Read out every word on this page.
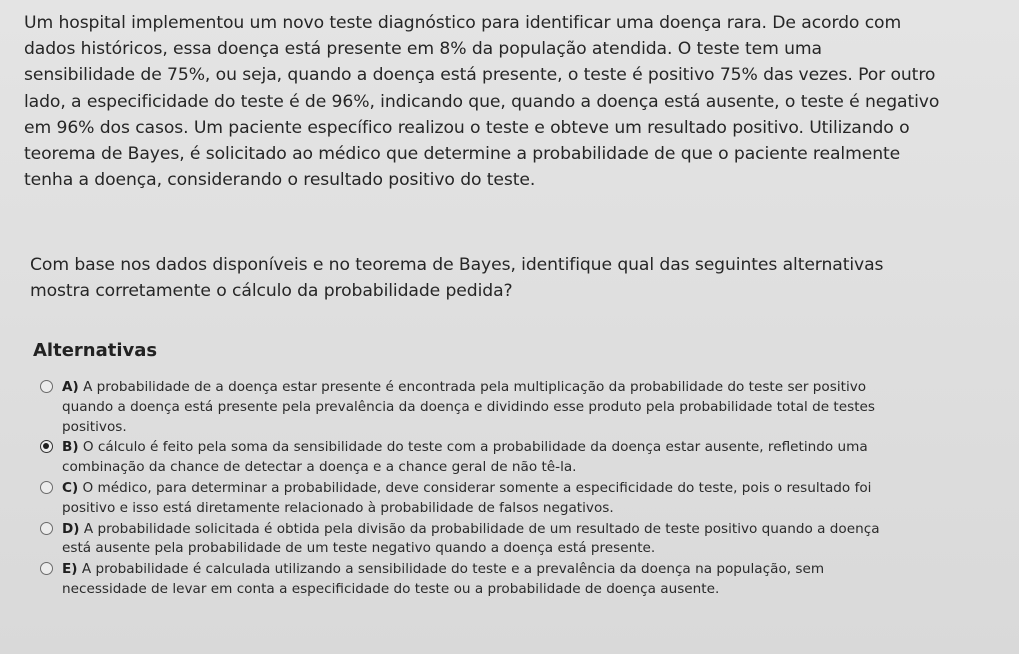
Um hospital implementou um novo teste diagnóstico para identificar uma doença rara. De acordo com
dados históricos, essa doença está presente em 8% da população atendida. O teste tem uma
sensibilidade de 75%, ou seja, quando a doença está presente, o teste é positivo 75% das vezes. Por outro
lado, a especificidade do teste é de 96%, indicando que, quando a doença está ausente, o teste é negativo
em 96% dos casos. Um paciente específico realizou o teste e obteve um resultado positivo. Utilizando o
teorema de Bayes, é solicitado ao médico que determine a probabilidade de que o paciente realmente
tenha a doença, considerando o resultado positivo do teste.
Com base nos dados disponíveis e no teorema de Bayes, identifique qual das seguintes alternativas
mostra corretamente o cálculo da probabilidade pedida?
Alternativas
A) A probabilidade de a doença estar presente é encontrada pela multiplicação da probabilidade do teste ser positivo
quando a doença está presente pela prevalência da doença e dividindo esse produto pela probabilidade total de testes
positivos.
B) O cálculo é feito pela soma da sensibilidade do teste com a probabilidade da doença estar ausente, refletindo uma
combinação da chance de detectar a doença e a chance geral de não tê-la.
C) O médico, para determinar a probabilidade, deve considerar somente a especificidade do teste, pois o resultado foi
positivo e isso está diretamente relacionado à probabilidade de falsos negativos.
D) A probabilidade solicitada é obtida pela divisão da probabilidade de um resultado de teste positivo quando a doença
está ausente pela probabilidade de um teste negativo quando a doença está presente.
E) A probabilidade é calculada utilizando a sensibilidade do teste e a prevalência da doença na população, sem
necessidade de levar em conta a especificidade do teste ou a probabilidade de doença ausente.
